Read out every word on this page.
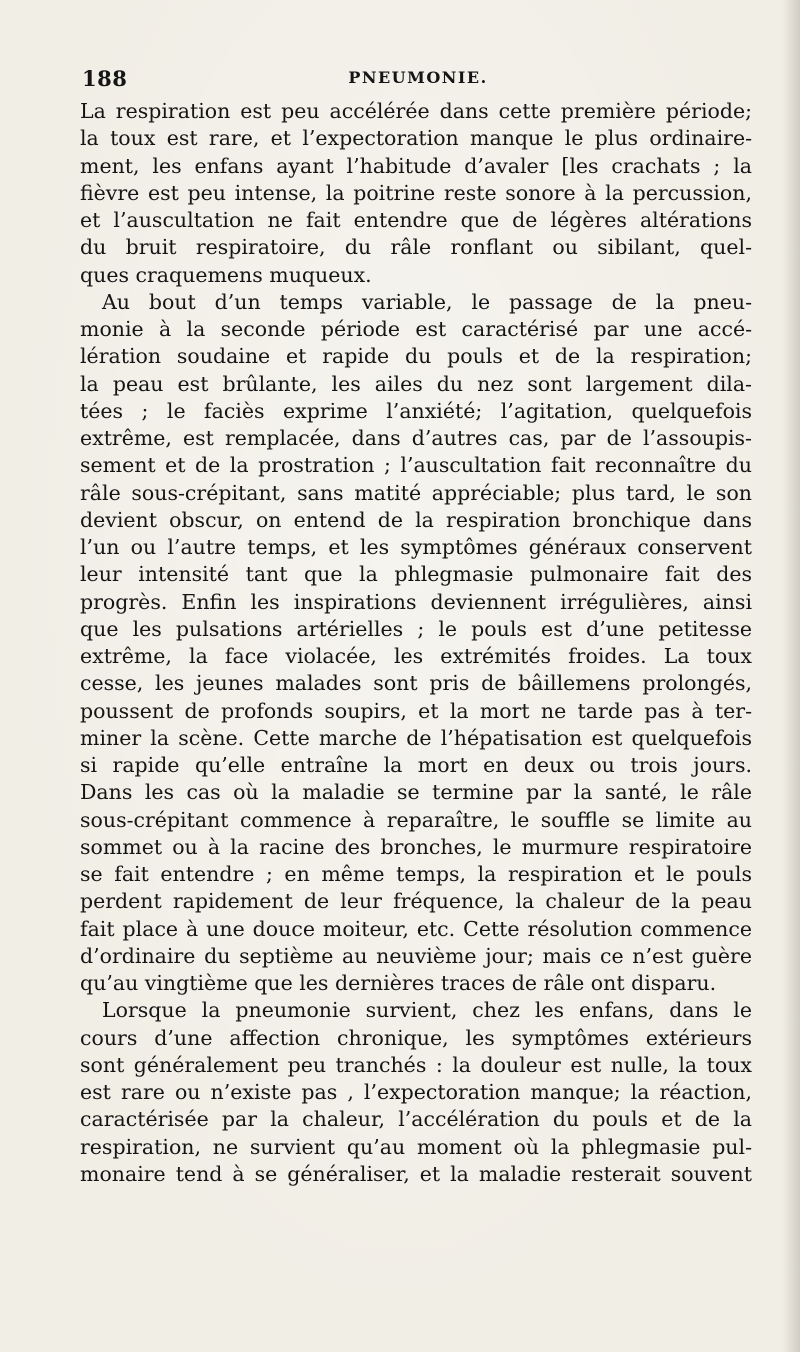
188	PNEUMONIE.
La respiration est peu accélérée dans cette première période;
la toux est rare, et l’expectoration manque le plus ordinaire-
ment, les enfans ayant l’habitude d’avaler [les crachats ; la
fièvre est peu intense, la poitrine reste sonore à la percussion,
et l’auscultation ne fait entendre que de légères altérations
du bruit respiratoire, du râle ronflant ou sibilant, quel-
ques craquemens muqueux.
Au bout d’un temps variable, le passage de la pneu-
monie à la seconde période est caractérisé par une accé-
lération soudaine et rapide du pouls et de la respiration;
la peau est brûlante, les ailes du nez sont largement dila-
tées ; le faciès exprime l’anxiété; l’agitation, quelquefois
extrême, est remplacée, dans d’autres cas, par de l’assoupis-
sement et de la prostration ; l’auscultation fait reconnaître du
râle sous-crépitant, sans matité appréciable; plus tard, le son
devient obscur, on entend de la respiration bronchique dans
l’un ou l’autre temps, et les symptômes généraux conservent
leur intensité tant que la phlegmasie pulmonaire fait des
progrès. Enfin les inspirations deviennent irrégulières, ainsi
que les pulsations artérielles ; le pouls est d’une petitesse
extrême, la face violacée, les extrémités froides. La toux
cesse, les jeunes malades sont pris de bâillemens prolongés,
poussent de profonds soupirs, et la mort ne tarde pas à ter-
miner la scène. Cette marche de l’hépatisation est quelquefois
si rapide qu’elle entraîne la mort en deux ou trois jours.
Dans les cas où la maladie se termine par la santé, le râle
sous-crépitant commence à reparaître, le souffle se limite au
sommet ou à la racine des bronches, le murmure respiratoire
se fait entendre ; en même temps, la respiration et le pouls
perdent rapidement de leur fréquence, la chaleur de la peau
fait place à une douce moiteur, etc. Cette résolution commence
d’ordinaire du septième au neuvième jour; mais ce n’est guère
qu’au vingtième que les dernières traces de râle ont disparu.
Lorsque la pneumonie survient, chez les enfans, dans le
cours d’une affection chronique, les symptômes extérieurs
sont généralement peu tranchés : la douleur est nulle, la toux
est rare ou n’existe pas , l’expectoration manque; la réaction,
caractérisée par la chaleur, l’accélération du pouls et de la
respiration, ne survient qu’au moment où la phlegmasie pul-
monaire tend à se généraliser, et la maladie resterait souvent
